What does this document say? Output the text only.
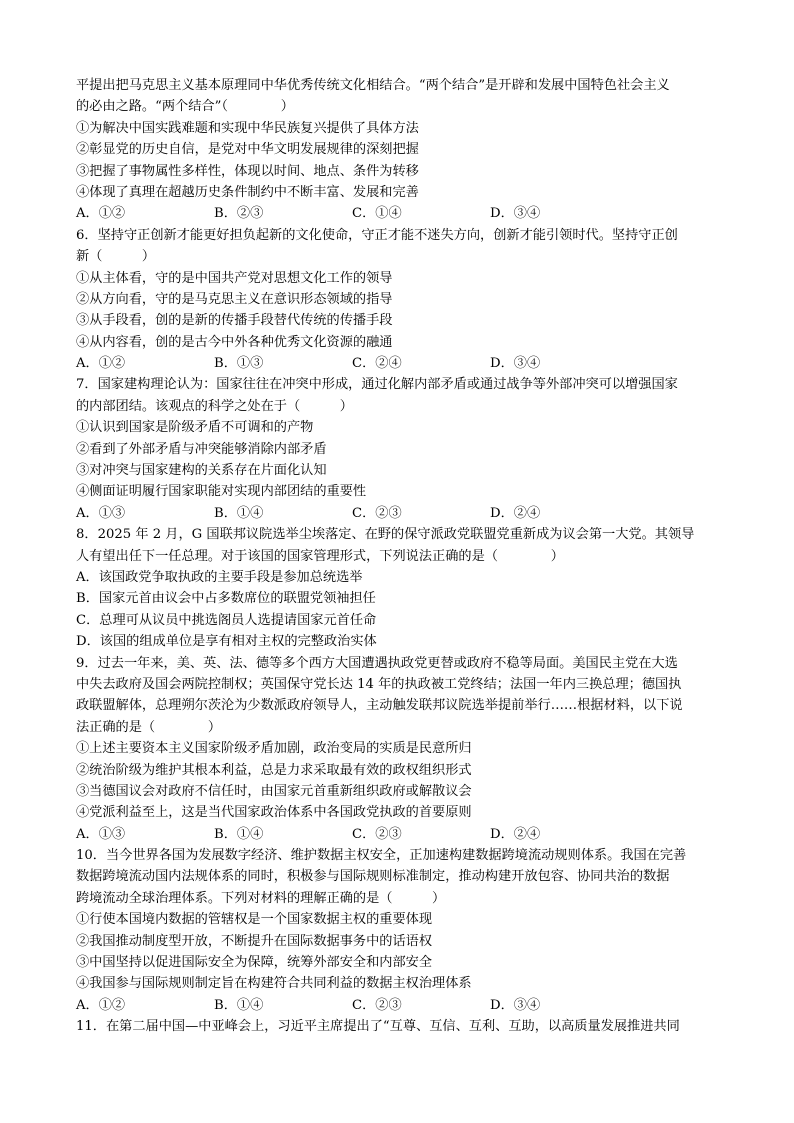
平提出把马克思主义基本原理同中华优秀传统文化相结合。“两个结合”是开辟和发展中国特色社会主义
的必由之路。“两个结合”（　　　　）
①为解决中国实践难题和实现中华民族复兴提供了具体方法
②彰显党的历史自信，是党对中华文明发展规律的深刻把握
③把握了事物属性多样性，体现以时间、地点、条件为转移
④体现了真理在超越历史条件制约中不断丰富、发展和完善
A．①②	B．②③	C．①④	D．③④
6．坚持守正创新才能更好担负起新的文化使命，守正才能不迷失方向，创新才能引领时代。坚持守正创
新（　　　）
①从主体看，守的是中国共产党对思想文化工作的领导
②从方向看，守的是马克思主义在意识形态领域的指导
③从手段看，创的是新的传播手段替代传统的传播手段
④从内容看，创的是古今中外各种优秀文化资源的融通
A．①②	B．①③	C．②④	D．③④
7．国家建构理论认为：国家往往在冲突中形成，通过化解内部矛盾或通过战争等外部冲突可以增强国家
的内部团结。该观点的科学之处在于（　　　）
①认识到国家是阶级矛盾不可调和的产物
②看到了外部矛盾与冲突能够消除内部矛盾
③对冲突与国家建构的关系存在片面化认知
④侧面证明履行国家职能对实现内部团结的重要性
A．①③	B．①④	C．②③	D．②④
8．2025 年 2 月，G 国联邦议院选举尘埃落定、在野的保守派政党联盟党重新成为议会第一大党。其领导
人有望出任下一任总理。对于该国的国家管理形式，下列说法正确的是（　　　　）
A．该国政党争取执政的主要手段是参加总统选举
B．国家元首由议会中占多数席位的联盟党领袖担任
C．总理可从议员中挑选阁员人选提请国家元首任命
D．该国的组成单位是享有相对主权的完整政治实体
9．过去一年来，美、英、法、德等多个西方大国遭遇执政党更替或政府不稳等局面。美国民主党在大选
中失去政府及国会两院控制权；英国保守党长达 14 年的执政被工党终结；法国一年内三换总理；德国执
政联盟解体，总理朔尔茨沦为少数派政府领导人，主动触发联邦议院选举提前举行……根据材料，以下说
法正确的是（　　　　）
①上述主要资本主义国家阶级矛盾加剧，政治变局的实质是民意所归
②统治阶级为维护其根本利益，总是力求采取最有效的政权组织形式
③当德国议会对政府不信任时，由国家元首重新组织政府或解散议会
④党派利益至上，这是当代国家政治体系中各国政党执政的首要原则
A．①③	B．①④	C．②③	D．②④
10．当今世界各国为发展数字经济、维护数据主权安全，正加速构建数据跨境流动规则体系。我国在完善
数据跨境流动国内法规体系的同时，积极参与国际规则标准制定，推动构建开放包容、协同共治的数据
跨境流动全球治理体系。下列对材料的理解正确的是（　　　）
①行使本国境内数据的管辖权是一个国家数据主权的重要体现
②我国推动制度型开放，不断提升在国际数据事务中的话语权
③中国坚持以促进国际安全为保障，统筹外部安全和内部安全
④我国参与国际规则制定旨在构建符合共同利益的数据主权治理体系
A．①②	B．①④	C．②③	D．③④
11．在第二届中国—中亚峰会上，习近平主席提出了“互尊、互信、互利、互助，以高质量发展推进共同
